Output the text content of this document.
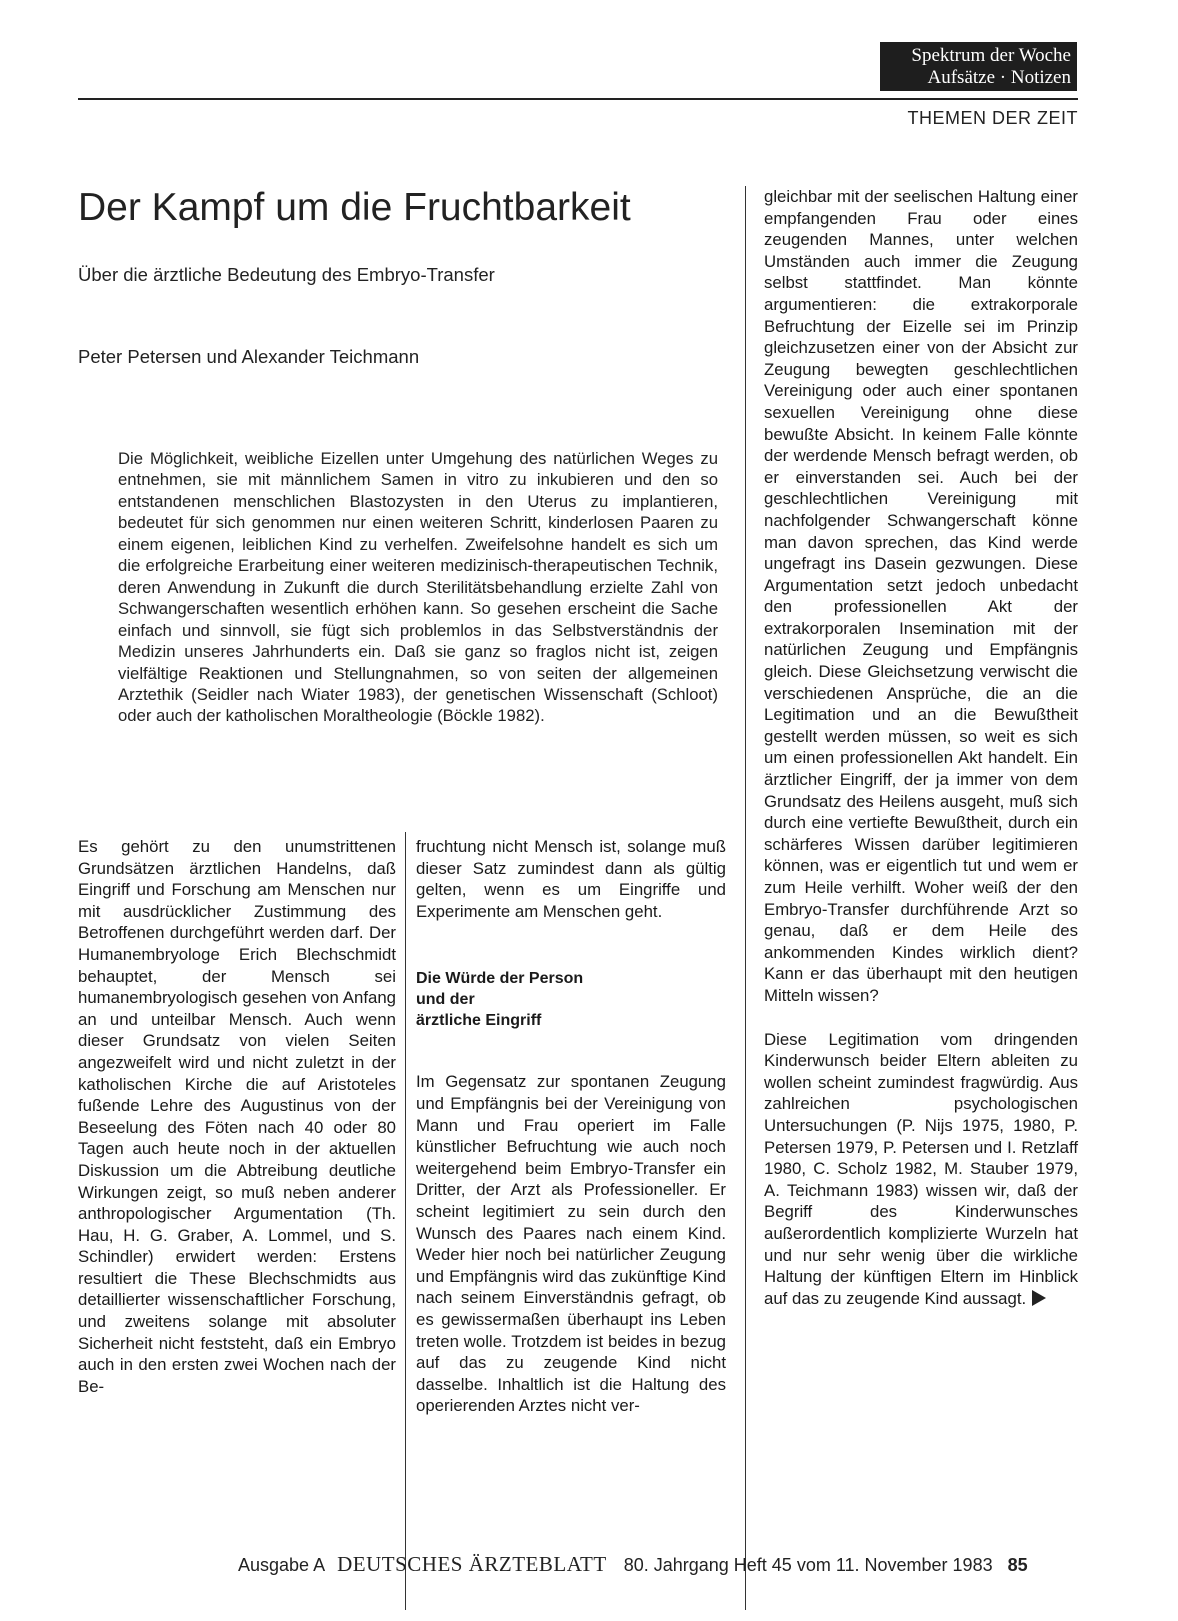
Spektrum der Woche
Aufsätze · Notizen
THEMEN DER ZEIT
Der Kampf um die Fruchtbarkeit
Über die ärztliche Bedeutung des Embryo-Transfer
Peter Petersen und Alexander Teichmann
Die Möglichkeit, weibliche Eizellen unter Umgehung des natürlichen Weges zu entnehmen, sie mit männlichem Samen in vitro zu inkubieren und den so entstandenen menschlichen Blastozysten in den Uterus zu implantieren, bedeutet für sich genommen nur einen weiteren Schritt, kinderlosen Paaren zu einem eigenen, leiblichen Kind zu verhelfen. Zweifelsohne handelt es sich um die erfolgreiche Erarbeitung einer weiteren medizinisch-therapeutischen Technik, deren Anwendung in Zukunft die durch Sterilitätsbehandlung erzielte Zahl von Schwangerschaften wesentlich erhöhen kann. So gesehen erscheint die Sache einfach und sinnvoll, sie fügt sich problemlos in das Selbstverständnis der Medizin unseres Jahrhunderts ein. Daß sie ganz so fraglos nicht ist, zeigen vielfältige Reaktionen und Stellungnahmen, so von seiten der allgemeinen Arztethik (Seidler nach Wiater 1983), der genetischen Wissenschaft (Schloot) oder auch der katholischen Moraltheologie (Böckle 1982).

Es gehört zu den unumstrittenen Grundsätzen ärztlichen Handelns, daß Eingriff und Forschung am Menschen nur mit ausdrücklicher Zustimmung des Betroffenen durchgeführt werden darf. Der Humanembryologe Erich Blechschmidt behauptet, der Mensch sei humanembryologisch gesehen von Anfang an und unteilbar Mensch. Auch wenn dieser Grundsatz von vielen Seiten angezweifelt wird und nicht zuletzt in der katholischen Kirche die auf Aristoteles fußende Lehre des Augustinus von der Beseelung des Föten nach 40 oder 80 Tagen auch heute noch in der aktuellen Diskussion um die Abtreibung deutliche Wirkungen zeigt, so muß neben anderer anthropologischer Argumentation (Th. Hau, H. G. Graber, A. Lommel, und S. Schindler) erwidert werden: Erstens resultiert die These Blechschmidts aus detaillierter wissenschaftlicher Forschung, und zweitens solange mit absoluter Sicherheit nicht feststeht, daß ein Embryo auch in den ersten zwei Wochen nach der Be-

fruchtung nicht Mensch ist, solange muß dieser Satz zumindest dann als gültig gelten, wenn es um Eingriffe und Experimente am Menschen geht.

Die Würde der Person
und der
ärztliche Eingriff

Im Gegensatz zur spontanen Zeugung und Empfängnis bei der Vereinigung von Mann und Frau operiert im Falle künstlicher Befruchtung wie auch noch weitergehend beim Embryo-Transfer ein Dritter, der Arzt als Professioneller. Er scheint legitimiert zu sein durch den Wunsch des Paares nach einem Kind. Weder hier noch bei natürlicher Zeugung und Empfängnis wird das zukünftige Kind nach seinem Einverständnis gefragt, ob es gewissermaßen überhaupt ins Leben treten wolle. Trotzdem ist beides in bezug auf das zu zeugende Kind nicht dasselbe. Inhaltlich ist die Haltung des operierenden Arztes nicht ver-

gleichbar mit der seelischen Haltung einer empfangenden Frau oder eines zeugenden Mannes, unter welchen Umständen auch immer die Zeugung selbst stattfindet. Man könnte argumentieren: die extrakorporale Befruchtung der Eizelle sei im Prinzip gleichzusetzen einer von der Absicht zur Zeugung bewegten geschlechtlichen Vereinigung oder auch einer spontanen sexuellen Vereinigung ohne diese bewußte Absicht. In keinem Falle könnte der werdende Mensch befragt werden, ob er einverstanden sei. Auch bei der geschlechtlichen Vereinigung mit nachfolgender Schwangerschaft könne man davon sprechen, das Kind werde ungefragt ins Dasein gezwungen. Diese Argumentation setzt jedoch unbedacht den professionellen Akt der extrakorporalen Insemination mit der natürlichen Zeugung und Empfängnis gleich. Diese Gleichsetzung verwischt die verschiedenen Ansprüche, die an die Legitimation und an die Bewußtheit gestellt werden müssen, so weit es sich um einen professionellen Akt handelt. Ein ärztlicher Eingriff, der ja immer von dem Grundsatz des Heilens ausgeht, muß sich durch eine vertiefte Bewußtheit, durch ein schärferes Wissen darüber legitimieren können, was er eigentlich tut und wem er zum Heile verhilft. Woher weiß der den Embryo-Transfer durchführende Arzt so genau, daß er dem Heile des ankommenden Kindes wirklich dient? Kann er das überhaupt mit den heutigen Mitteln wissen?

Diese Legitimation vom dringenden Kinderwunsch beider Eltern ableiten zu wollen scheint zumindest fragwürdig. Aus zahlreichen psychologischen Untersuchungen (P. Nijs 1975, 1980, P. Petersen 1979, P. Petersen und I. Retzlaff 1980, C. Scholz 1982, M. Stauber 1979, A. Teichmann 1983) wissen wir, daß der Begriff des Kinderwunsches außerordentlich komplizierte Wurzeln hat und nur sehr wenig über die wirkliche Haltung der künftigen Eltern im Hinblick auf das zu zeugende Kind aussagt.

Ausgabe A DEUTSCHES ÄRZTEBLATT 80. Jahrgang Heft 45 vom 11. November 1983 85
